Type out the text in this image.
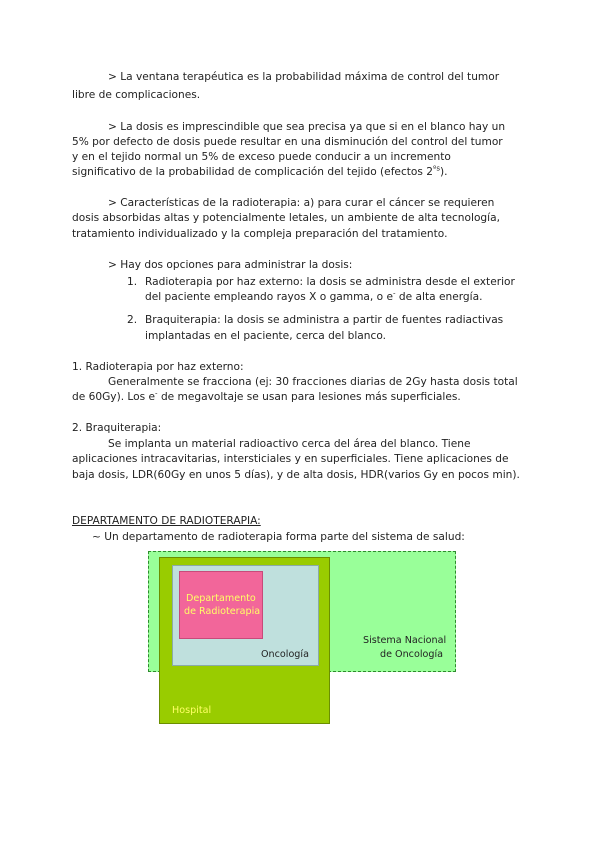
> La ventana terapéutica es la probabilidad máxima de control del tumor
libre de complicaciones.
> La dosis es imprescindible que sea precisa ya que si en el blanco hay un
5% por defecto de dosis puede resultar en una disminución del control del tumor
y en el tejido normal un 5% de exceso puede conducir a un incremento
significativo de la probabilidad de complicación del tejido (efectos $2^{ºs}$).
> Características de la radioterapia: a) para curar el cáncer se requieren
dosis absorbidas altas y potencialmente letales, un ambiente de alta tecnología,
tratamiento individualizado y la compleja preparación del tratamiento.
> Hay dos opciones para administrar la dosis:
1. Radioterapia por haz externo: la dosis se administra desde el exterior
del paciente empleando rayos X o gamma, o e- de alta energía.
2. Braquiterapia: la dosis se administra a partir de fuentes radiactivas
implantadas en el paciente, cerca del blanco.
1. Radioterapia por haz externo:
Generalmente se fracciona (ej: 30 fracciones diarias de 2Gy hasta dosis total
de 60Gy). Los e- de megavoltaje se usan para lesiones más superficiales.
2. Braquiterapia:
Se implanta un material radioactivo cerca del área del blanco. Tiene
aplicaciones intracavitarias, intersticiales y en superficiales. Tiene aplicaciones de
baja dosis, LDR(60Gy en unos 5 días), y de alta dosis, HDR(varios Gy en pocos min).
DEPARTAMENTO DE RADIOTERAPIA:
~ Un departamento de radioterapia forma parte del sistema de salud:
Departamento
de Radioterapia
Oncología
Hospital
Sistema Nacional
de Oncología
